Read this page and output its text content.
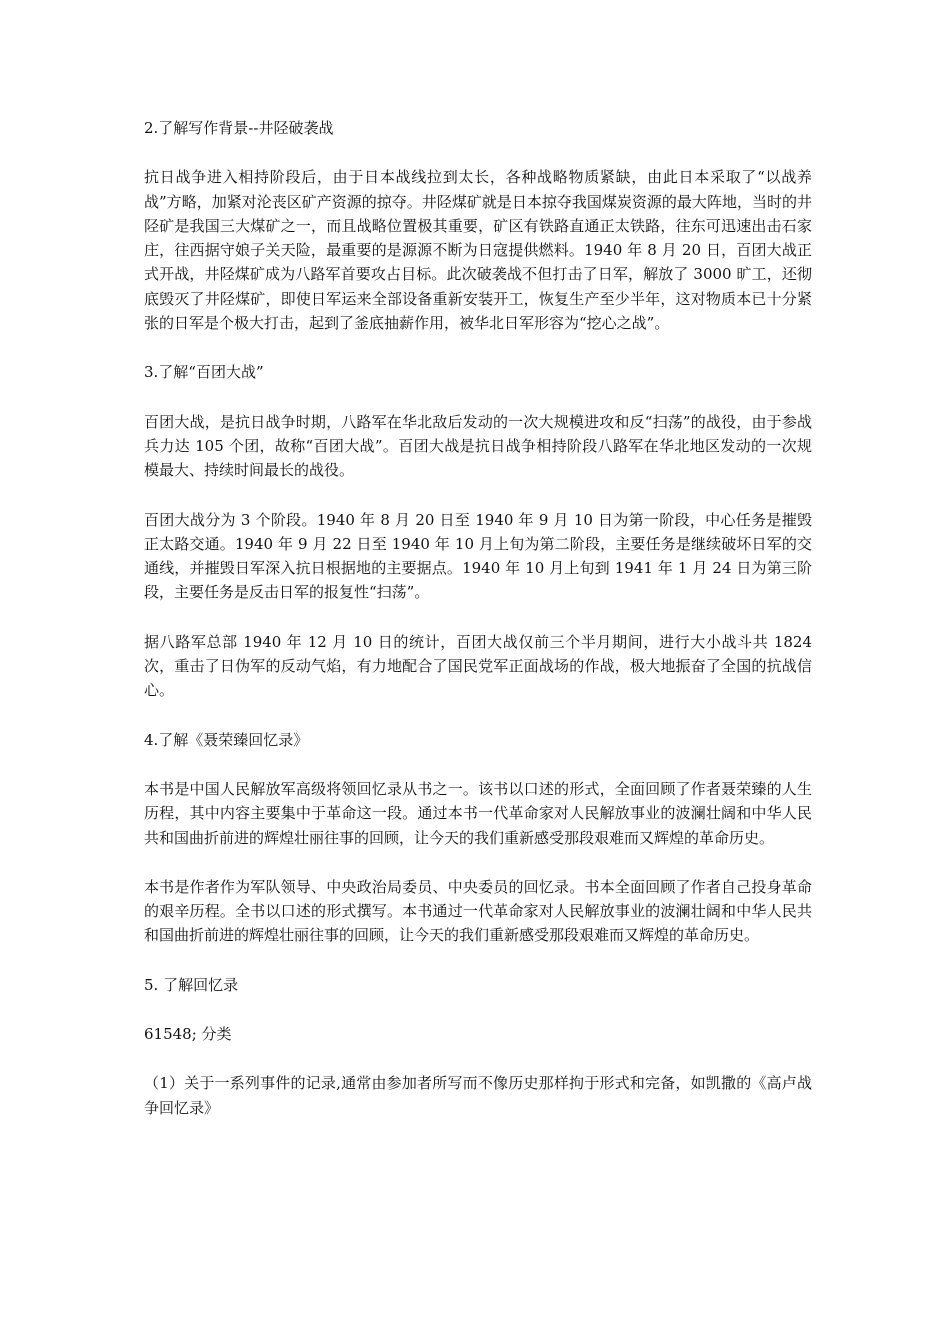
2.了解写作背景--井陉破袭战

抗日战争进入相持阶段后，由于日本战线拉到太长，各种战略物质紧缺，由此日本采取了“以战养战”方略，加紧对沦丧区矿产资源的掠夺。井陉煤矿就是日本掠夺我国煤炭资源的最大阵地，当时的井陉矿是我国三大煤矿之一，而且战略位置极其重要，矿区有铁路直通正太铁路，往东可迅速出击石家庄，往西据守娘子关天险，最重要的是源源不断为日寇提供燃料。1940 年 8 月 20 日，百团大战正式开战，井陉煤矿成为八路军首要攻占目标。此次破袭战不但打击了日军，解放了 3000 旷工，还彻底毁灭了井陉煤矿，即使日军运来全部设备重新安装开工，恢复生产至少半年，这对物质本已十分紧张的日军是个极大打击，起到了釜底抽薪作用，被华北日军形容为“挖心之战”。

3.了解“百团大战”

百团大战，是抗日战争时期，八路军在华北敌后发动的一次大规模进攻和反“扫荡”的战役，由于参战兵力达 105 个团，故称“百团大战”。百团大战是抗日战争相持阶段八路军在华北地区发动的一次规模最大、持续时间最长的战役。

百团大战分为 3 个阶段。1940 年 8 月 20 日至 1940 年 9 月 10 日为第一阶段，中心任务是摧毁正太路交通。1940 年 9 月 22 日至 1940 年 10 月上旬为第二阶段，主要任务是继续破坏日军的交通线，并摧毁日军深入抗日根据地的主要据点。1940 年 10 月上旬到 1941 年 1 月 24 日为第三阶段，主要任务是反击日军的报复性“扫荡”。

据八路军总部 1940 年 12 月 10 日的统计，百团大战仅前三个半月期间，进行大小战斗共 1824 次，重击了日伪军的反动气焰，有力地配合了国民党军正面战场的作战，极大地振奋了全国的抗战信心。

4.了解《聂荣臻回忆录》

本书是中国人民解放军高级将领回忆录从书之一。该书以口述的形式，全面回顾了作者聂荣臻的人生历程，其中内容主要集中于革命这一段。通过本书一代革命家对人民解放事业的波澜壮阔和中华人民共和国曲折前进的辉煌壮丽往事的回顾，让今天的我们重新感受那段艰难而又辉煌的革命历史。

本书是作者作为军队领导、中央政治局委员、中央委员的回忆录。书本全面回顾了作者自己投身革命的艰辛历程。全书以口述的形式撰写。本书通过一代革命家对人民解放事业的波澜壮阔和中华人民共和国曲折前进的辉煌壮丽往事的回顾，让今天的我们重新感受那段艰难而又辉煌的革命历史。

5. 了解回忆录

61548; 分类

（1）关于一系列事件的记录,通常由参加者所写而不像历史那样拘于形式和完备，如凯撒的《高卢战争回忆录》
